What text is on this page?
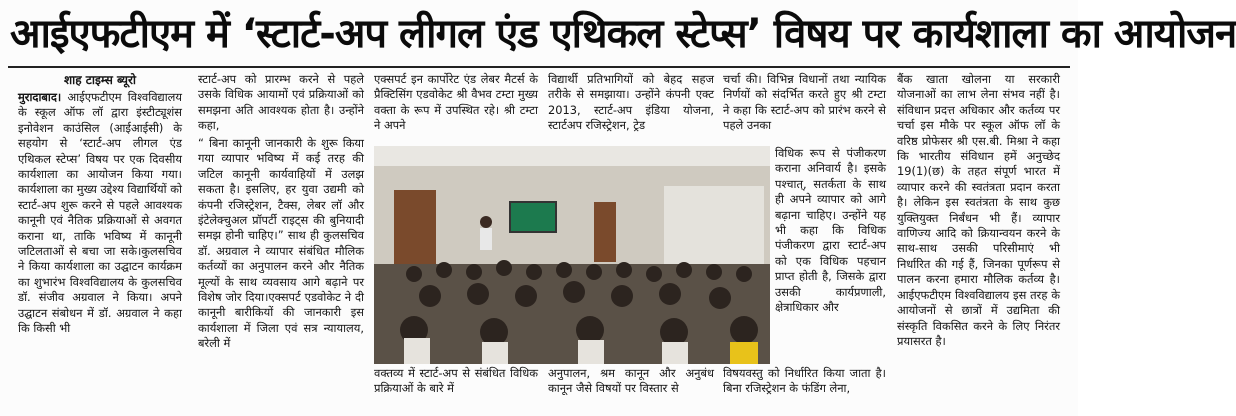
आईएफटीएम में ‘स्टार्ट-अप लीगल एंड एथिकल स्टेप्स’ विषय पर कार्यशाला का आयोजन
शाह टाइम्स ब्यूरो

मुरादाबाद। आईएफटीएम विश्वविद्यालय के स्कूल ऑफ लॉ द्वारा इंस्टीट्यूशंस इनोवेशन काउंसिल (आईआईसी) के सहयोग से ‘स्टार्ट-अप लीगल एंड एथिकल स्टेप्स’ विषय पर एक दिवसीय कार्यशाला का आयोजन किया गया। कार्यशाला का मुख्य उद्देश्य विद्यार्थियों को स्टार्ट-अप शुरू करने से पहले आवश्यक कानूनी एवं नैतिक प्रक्रियाओं से अवगत कराना था, ताकि भविष्य में कानूनी जटिलताओं से बचा जा सके।कुलसचिव ने किया कार्यशाला का उद्घाटन कार्यक्रम का शुभारंभ विश्वविद्यालय के कुलसचिव डॉ. संजीव अग्रवाल ने किया। अपने उद्घाटन संबोधन में डॉ. अग्रवाल ने कहा कि किसी भी

स्टार्ट-अप को प्रारम्भ करने से पहले उसके विधिक आयामों एवं प्रक्रियाओं को समझना अति आवश्यक होता है। उन्होंने कहा,

“ बिना कानूनी जानकारी के शुरू किया गया व्यापार भविष्य में कई तरह की जटिल कानूनी कार्यवाहियों में उलझ सकता है। इसलिए, हर युवा उद्यमी को कंपनी रजिस्ट्रेशन, टैक्स, लेबर लॉ और इंटेलेक्चुअल प्रॉपर्टी राइट्स की बुनियादी समझ होनी चाहिए।” साथ ही कुलसचिव डॉ. अग्रवाल ने व्यापार संबंधित मौलिक कर्तव्यों का अनुपालन करने और नैतिक मूल्यों के साथ व्यवसाय आगे बढ़ाने पर विशेष जोर दिया।एक्सपर्ट एडवोकेट ने दी कानूनी बारीकियों की जानकारी इस कार्यशाला में जिला एवं सत्र न्यायालय, बरेली में

एक्सपर्ट इन कार्पोरेट एंड लेबर मैटर्स के प्रैक्टिसिंग एडवोकेट श्री वैभव टम्टा मुख्य वक्ता के रूप में उपस्थित रहे। श्री टम्टा ने अपने

विद्यार्थी प्रतिभागियों को बेहद सहज तरीके से समझाया। उन्होंने कंपनी एक्ट 2013, स्टार्ट-अप इंडिया योजना, स्टार्टअप रजिस्ट्रेशन, ट्रेड

चर्चा की। विभिन्न विधानों तथा न्यायिक निर्णयों को संदर्भित करते हुए श्री टम्टा ने कहा कि स्टार्ट-अप को प्रारंभ करने से पहले उनका

विधिक रूप से पंजीकरण कराना अनिवार्य है। इसके पश्चात्, सतर्कता के साथ ही अपने व्यापार को आगे बढ़ाना चाहिए। उन्होंने यह भी कहा कि विधिक पंजीकरण द्वारा स्टार्ट-अप को एक विधिक पहचान प्राप्त होती है, जिसके द्वारा उसकी कार्यप्रणाली, क्षेत्राधिकार और

बैंक खाता खोलना या सरकारी योजनाओं का लाभ लेना संभव नहीं है।संविधान प्रदत्त अधिकार और कर्तव्य पर चर्चा इस मौके पर स्कूल ऑफ लॉ के वरिष्ठ प्रोफेसर श्री एस.बी. मिश्रा ने कहा कि भारतीय संविधान हमें अनुच्छेद 19(1)(छ) के तहत संपूर्ण भारत में व्यापार करने की स्वतंत्रता प्रदान करता है। लेकिन इस स्वतंत्रता के साथ कुछ युक्तियुक्त निर्बंधन भी हैं। व्यापार वाणिज्य आदि को क्रियान्वयन करने के साथ-साथ उसकी परिसीमाएं भी निर्धारित की गई हैं, जिनका पूर्णरूप से पालन करना हमारा मौलिक कर्तव्य है। आईएफटीएम विश्वविद्यालय इस तरह के आयोजनों से छात्रों में उद्यमिता की संस्कृति विकसित करने के लिए निरंतर प्रयासरत है।

वक्तव्य में स्टार्ट-अप से संबंधित विधिक प्रक्रियाओं के बारे में

अनुपालन, श्रम कानून और अनुबंध कानून जैसे विषयों पर विस्तार से

विषयवस्तु को निर्धारित किया जाता है। बिना रजिस्ट्रेशन के फंडिंग लेना,
